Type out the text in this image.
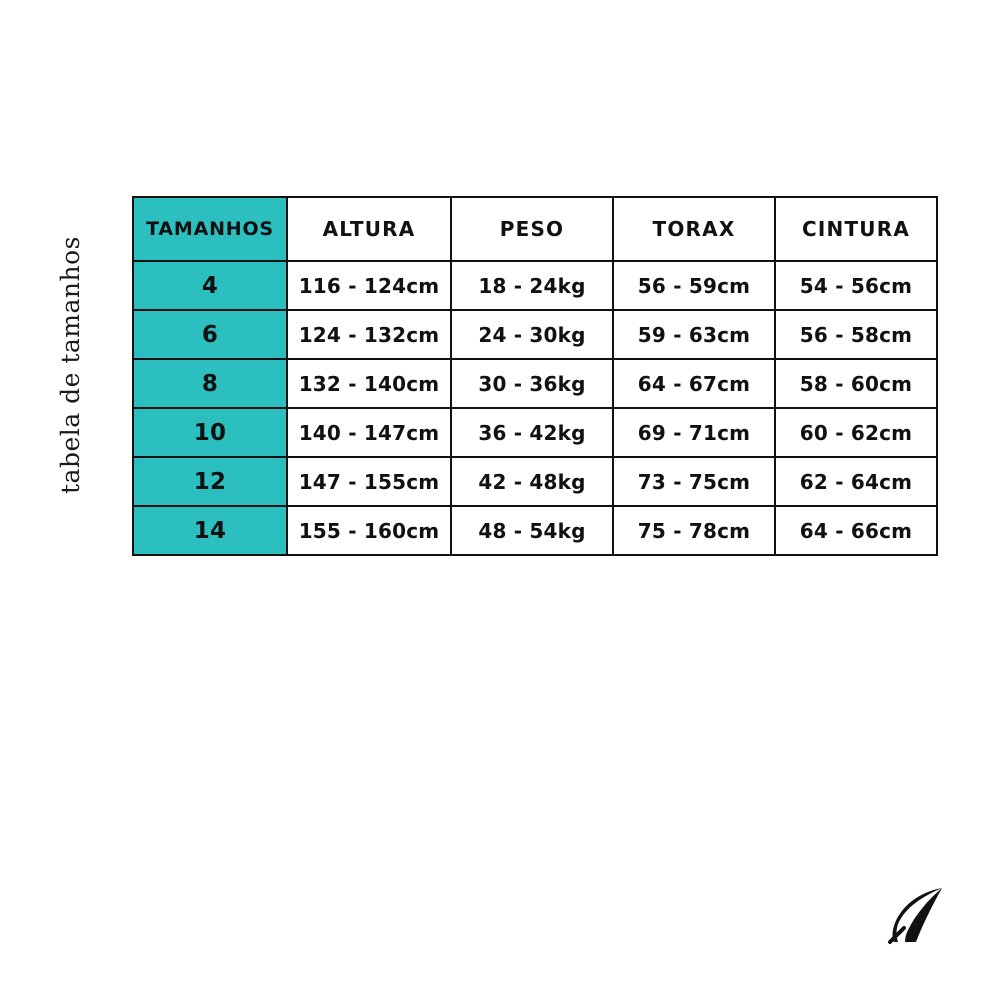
tabela de tamanhos
TAMANHOS	ALTURA	PESO	TORAX	CINTURA
4	116 - 124cm	18 - 24kg	56 - 59cm	54 - 56cm
6	124 - 132cm	24 - 30kg	59 - 63cm	56 - 58cm
8	132 - 140cm	30 - 36kg	64 - 67cm	58 - 60cm
10	140 - 147cm	36 - 42kg	69 - 71cm	60 - 62cm
12	147 - 155cm	42 - 48kg	73 - 75cm	62 - 64cm
14	155 - 160cm	48 - 54kg	75 - 78cm	64 - 66cm
